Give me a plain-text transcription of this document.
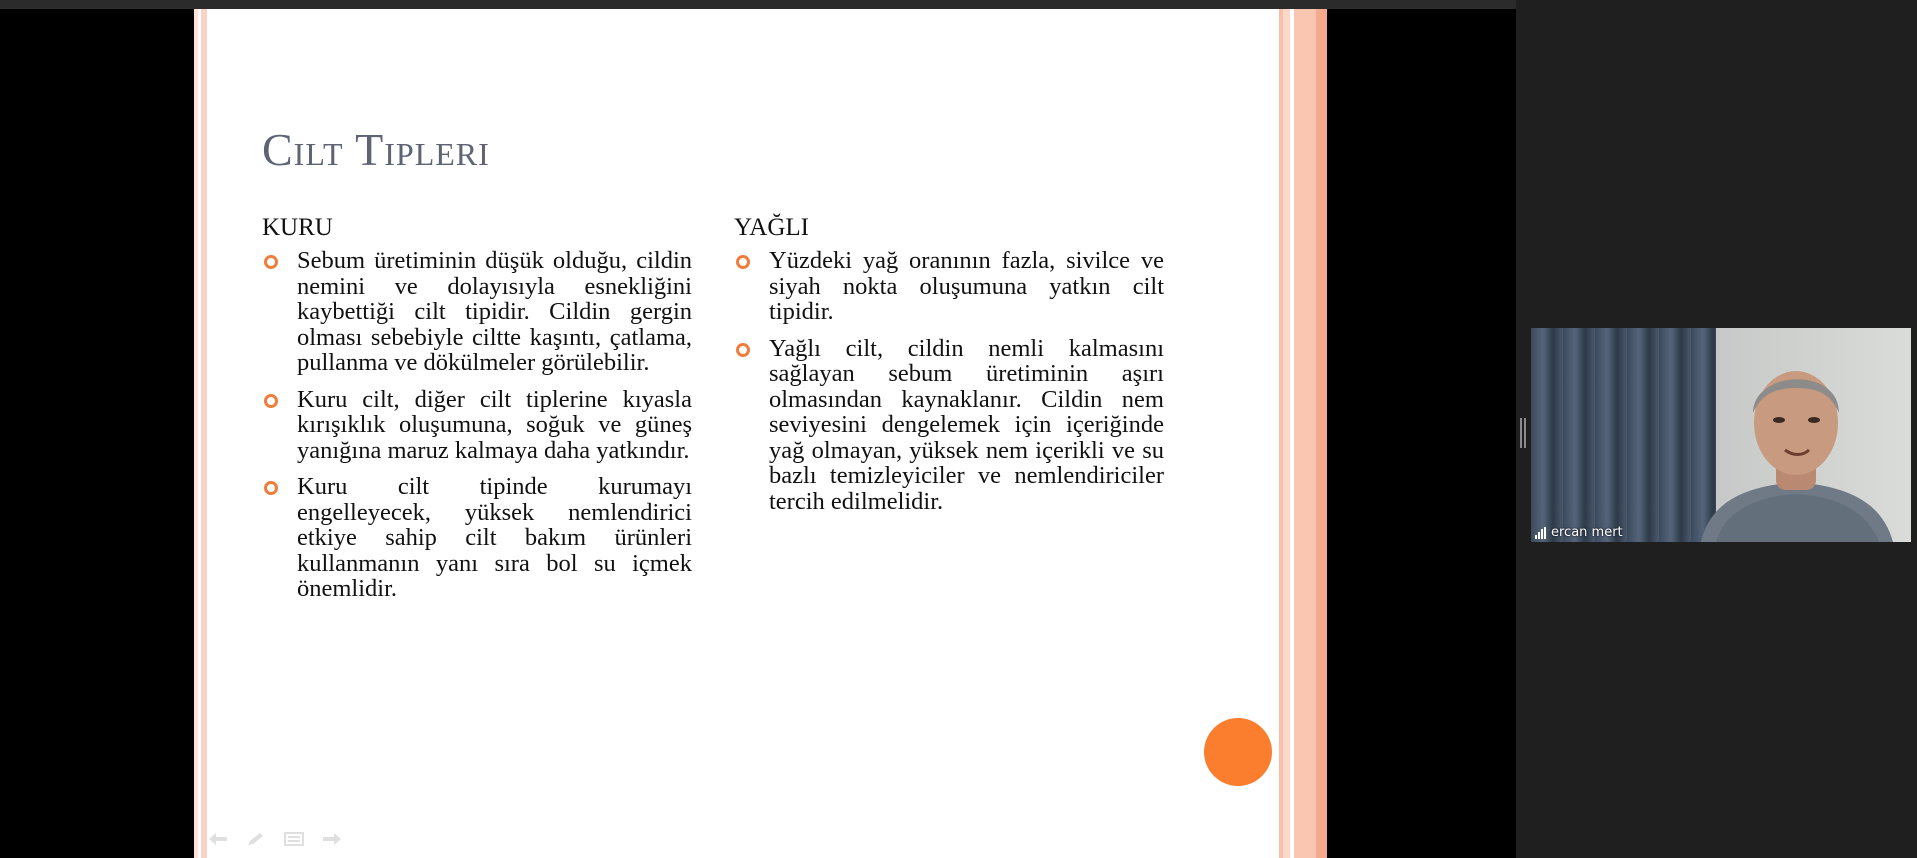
Cilt Tipleri
KURU
Sebum üretiminin düşük olduğu, cildin nemini ve dolayısıyla esnekliğini kaybettiği cilt tipidir. Cildin gergin olması sebebiyle ciltte kaşıntı, çatlama, pullanma ve dökülmeler görülebilir.
Kuru cilt, diğer cilt tiplerine kıyasla kırışıklık oluşumuna, soğuk ve güneş yanığına maruz kalmaya daha yatkındır.
Kuru cilt tipinde kurumayı engelleyecek, yüksek nemlendirici etkiye sahip cilt bakım ürünleri kullanmanın yanı sıra bol su içmek önemlidir.
YAĞLI
Yüzdeki yağ oranının fazla, sivilce ve siyah nokta oluşumuna yatkın cilt tipidir.
Yağlı cilt, cildin nemli kalmasını sağlayan sebum üretiminin aşırı olmasından kaynaklanır. Cildin nem seviyesini dengelemek için içeriğinde yağ olmayan, yüksek nem içerikli ve su bazlı temizleyiciler ve nemlendiriciler tercih edilmelidir.
ercan mert
